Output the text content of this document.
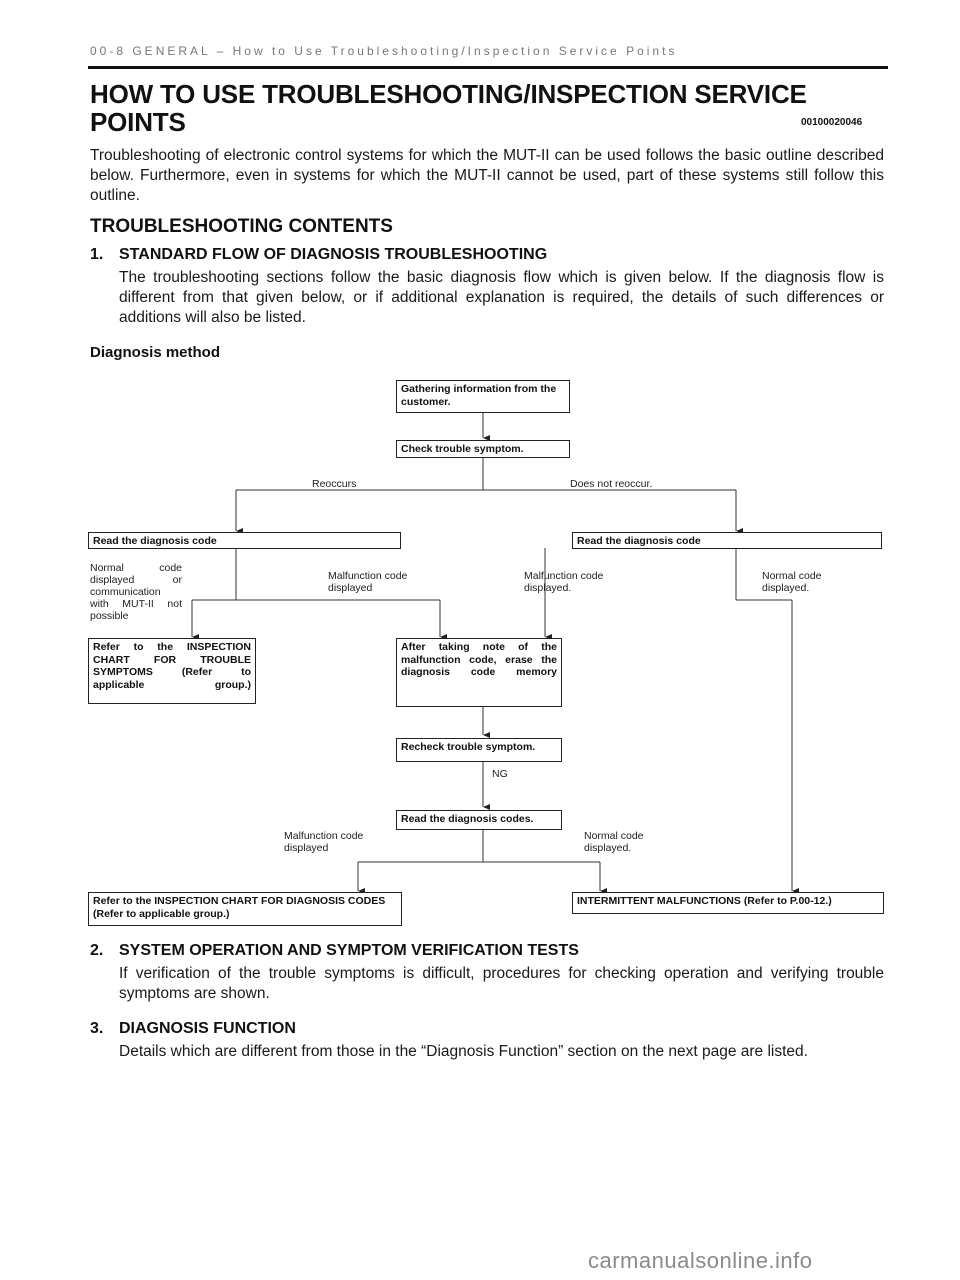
00-8 GENERAL – How to Use Troubleshooting/Inspection Service Points
HOW TO USE TROUBLESHOOTING/INSPECTION SERVICE POINTS	00100020046

Troubleshooting of electronic control systems for which the MUT-II can be used follows the basic outline described below. Furthermore, even in systems for which the MUT-II cannot be used, part of these systems still follow this outline.

TROUBLESHOOTING CONTENTS
1. STANDARD FLOW OF DIAGNOSIS TROUBLESHOOTING

The troubleshooting sections follow the basic diagnosis flow which is given below. If the diagnosis flow is different from that given below, or if additional explanation is required, the details of such differences or additions will also be listed.

Diagnosis method
Gathering information from the customer.
Check trouble symptom.
Reoccurs	Does not reoccur.
Read the diagnosis code	Read the diagnosis code
Normal code displayed or communication with MUT-II not possible
Malfunction code displayed
Malfunction code displayed.
Normal code displayed.
Refer to the INSPECTION CHART FOR TROUBLE SYMPTOMS (Refer to applicable group.)
After taking note of the malfunction code, erase the diagnosis code memory
Recheck trouble symptom.
NG
Read the diagnosis codes.
Malfunction code displayed
Normal code displayed.
Refer to the INSPECTION CHART FOR DIAGNOSIS CODES (Refer to applicable group.)
INTERMITTENT MALFUNCTIONS (Refer to P.00-12.)
2. SYSTEM OPERATION AND SYMPTOM VERIFICATION TESTS

If verification of the trouble symptoms is difficult, procedures for checking operation and verifying trouble symptoms are shown.

3. DIAGNOSIS FUNCTION

Details which are different from those in the “Diagnosis Function” section on the next page are listed.

carmanualsonline.info
